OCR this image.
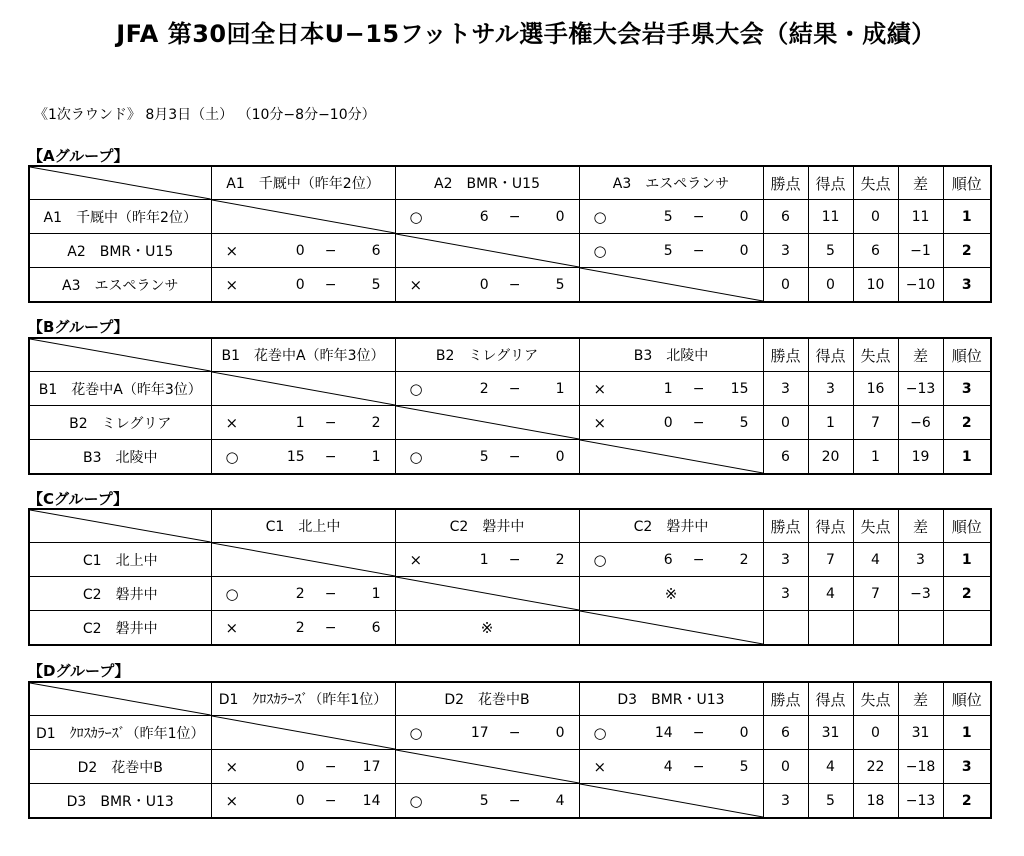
JFA 第30回全日本U−15フットサル選手権大会岩手県大会（結果・成績）
《1次ラウンド》 8月3日（土） （10分−8分−10分）
【Aグループ】
	A1　千厩中（昨年2位）	A2　BMR・U15	A3　エスペランサ	勝点	得点	失点	差	順位
A1　千厩中（昨年2位）		○ 6 − 0	○ 5 − 0	6	11	0	11	1
A2　BMR・U15	× 0 − 6		○ 5 − 0	3	5	6	−1	2
A3　エスペランサ	× 0 − 5	× 0 − 5		0	0	10	−10	3
【Bグループ】
	B1　花巻中A（昨年3位）	B2　ミレグリア	B3　北陵中	勝点	得点	失点	差	順位
B1　花巻中A（昨年3位）		○ 2 − 1	× 1 − 15	3	3	16	−13	3
B2　ミレグリア	× 1 − 2		× 0 − 5	0	1	7	−6	2
B3　北陵中	○ 15 − 1	○ 5 − 0		6	20	1	19	1
【Cグループ】
	C1　北上中	C2　磐井中	C2　磐井中	勝点	得点	失点	差	順位
C1　北上中		× 1 − 2	○ 6 − 2	3	7	4	3	1
C2　磐井中	○ 2 − 1		※	3	4	7	−3	2
C2　磐井中	× 2 − 6	※	

【Dグループ】
	D1　ｸﾛｽｶﾗｰｽﾞ（昨年1位）	D2　花巻中B	D3　BMR・U13	勝点	得点	失点	差	順位
D1　ｸﾛｽｶﾗｰｽﾞ（昨年1位）		○ 17 − 0	○ 14 − 0	6	31	0	31	1
D2　花巻中B	× 0 − 17		× 4 − 5	0	4	22	−18	3
D3　BMR・U13	× 0 − 14	○ 5 − 4		3	5	18	−13	2
